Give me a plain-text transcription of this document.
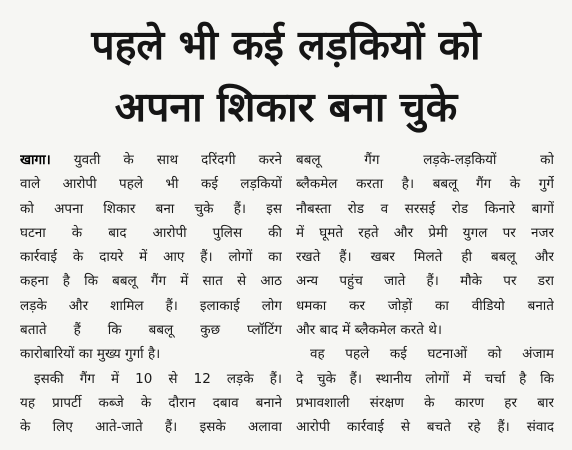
पहले भी कई लड़कियों को
अपना शिकार बना चुके
खागा। युवती के साथ दरिंदगी करने
वाले आरोपी पहले भी कई लड़कियों
को अपना शिकार बना चुके हैं। इस
घटना के बाद आरोपी पुलिस की
कार्रवाई के दायरे में आए हैं। लोगों का
कहना है कि बबलू गैंग में सात से आठ
लड़के और शामिल हैं। इलाकाई लोग
बताते हैं कि बबलू कुछ प्लॉटिंग
कारोबारियों का मुख्य गुर्गा है।
इसकी गैंग में 10 से 12 लड़के हैं।
यह प्रापर्टी कब्जे के दौरान दबाव बनाने
के लिए आते-जाते हैं। इसके अलावा
बबलू गैंग लड़के-लड़कियों को
ब्लैकमेल करता है। बबलू गैंग के गुर्गे
नौबस्ता रोड व सरसई रोड किनारे बागों
में घूमते रहते और प्रेमी युगल पर नजर
रखते हैं। खबर मिलते ही बबलू और
अन्य पहुंच जाते हैं। मौके पर डरा
धमका कर जोड़ों का वीडियो बनाते
और बाद में ब्लैकमेल करते थे।
वह पहले कई घटनाओं को अंजाम
दे चुके हैं। स्थानीय लोगों में चर्चा है कि
प्रभावशाली संरक्षण के कारण हर बार
आरोपी कार्रवाई से बचते रहे हैं। संवाद
